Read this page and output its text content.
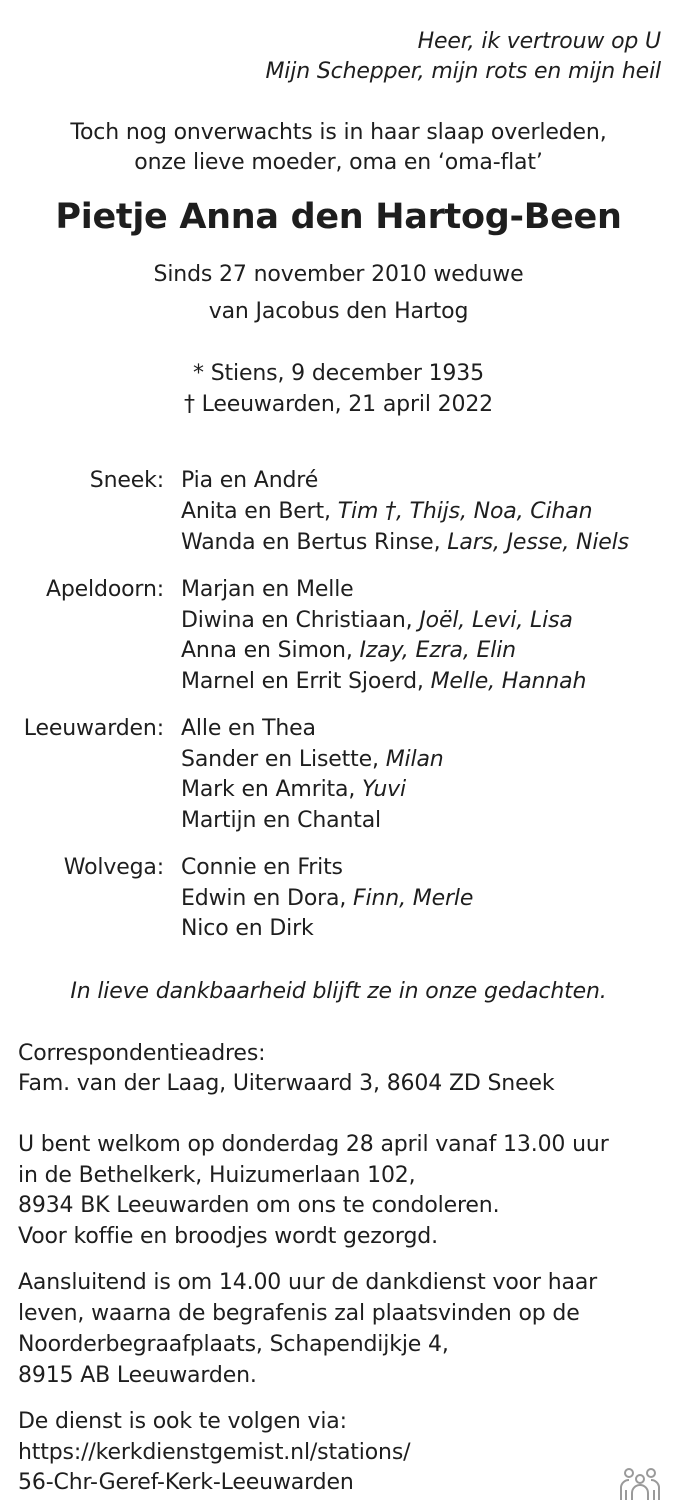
Heer, ik vertrouw op U
Mijn Schepper, mijn rots en mijn heil
Toch nog onverwachts is in haar slaap overleden,
onze lieve moeder, oma en ‘oma-flat’
Pietje Anna den Hartog-Been
Sinds 27 november 2010 weduwe
van Jacobus den Hartog
* Stiens, 9 december 1935
† Leeuwarden, 21 april 2022
Sneek: Pia en André
Anita en Bert, Tim †, Thijs, Noa, Cihan
Wanda en Bertus Rinse, Lars, Jesse, Niels
Apeldoorn: Marjan en Melle
Diwina en Christiaan, Joël, Levi, Lisa
Anna en Simon, Izay, Ezra, Elin
Marnel en Errit Sjoerd, Melle, Hannah
Leeuwarden: Alle en Thea
Sander en Lisette, Milan
Mark en Amrita, Yuvi
Martijn en Chantal
Wolvega: Connie en Frits
Edwin en Dora, Finn, Merle
Nico en Dirk
In lieve dankbaarheid blijft ze in onze gedachten.
Correspondentieadres:
Fam. van der Laag, Uiterwaard 3, 8604 ZD Sneek
U bent welkom op donderdag 28 april vanaf 13.00 uur
in de Bethelkerk, Huizumerlaan 102,
8934 BK Leeuwarden om ons te condoleren.
Voor koffie en broodjes wordt gezorgd.
Aansluitend is om 14.00 uur de dankdienst voor haar
leven, waarna de begrafenis zal plaatsvinden op de
Noorderbegraafplaats, Schapendijkje 4,
8915 AB Leeuwarden.
De dienst is ook te volgen via:
https://kerkdienstgemist.nl/stations/
56-Chr-Geref-Kerk-Leeuwarden
